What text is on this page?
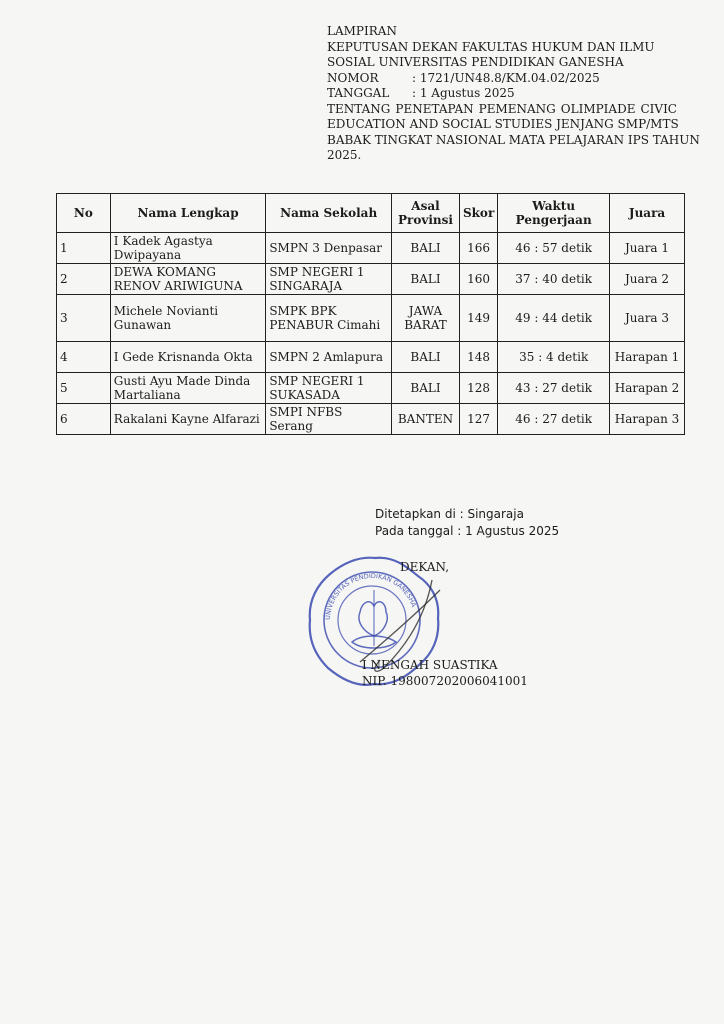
LAMPIRAN
KEPUTUSAN DEKAN FAKULTAS HUKUM DAN ILMU
SOSIAL UNIVERSITAS PENDIDIKAN GANESHA
NOMOR	: 1721/UN48.8/KM.04.02/2025
TANGGAL : 1 Agustus 2025
TENTANG PENETAPAN PEMENANG OLIMPIADE CIVIC
EDUCATION AND SOCIAL STUDIES JENJANG SMP/MTS
BABAK TINGKAT NASIONAL MATA PELAJARAN IPS TAHUN
2025.
No	Nama Lengkap	Nama Sekolah	Asal Provinsi	Skor	Waktu Pengerjaan	Juara
1	I Kadek Agastya Dwipayana	SMPN 3 Denpasar	BALI	166	46 : 57 detik	Juara 1
2	DEWA KOMANG RENOV ARIWIGUNA	SMP NEGERI 1 SINGARAJA	BALI	160	37 : 40 detik	Juara 2
3	Michele Novianti Gunawan	SMPK BPK PENABUR Cimahi	JAWA BARAT	149	49 : 44 detik	Juara 3
4	I Gede Krisnanda Okta	SMPN 2 Amlapura	BALI	148	35 : 4 detik	Harapan 1
5	Gusti Ayu Made Dinda Martaliana	SMP NEGERI 1 SUKASADA	BALI	128	43 : 27 detik	Harapan 2
6	Rakalani Kayne Alfarazi	SMPI NFBS Serang	BANTEN	127	46 : 27 detik	Harapan 3
Ditetapkan di : Singaraja
Pada tanggal : 1 Agustus 2025
UNIVERSITAS PENDIDIKAN GANESHA
DEKAN,
I NENGAH SUASTIKA
NIP. 198007202006041001
